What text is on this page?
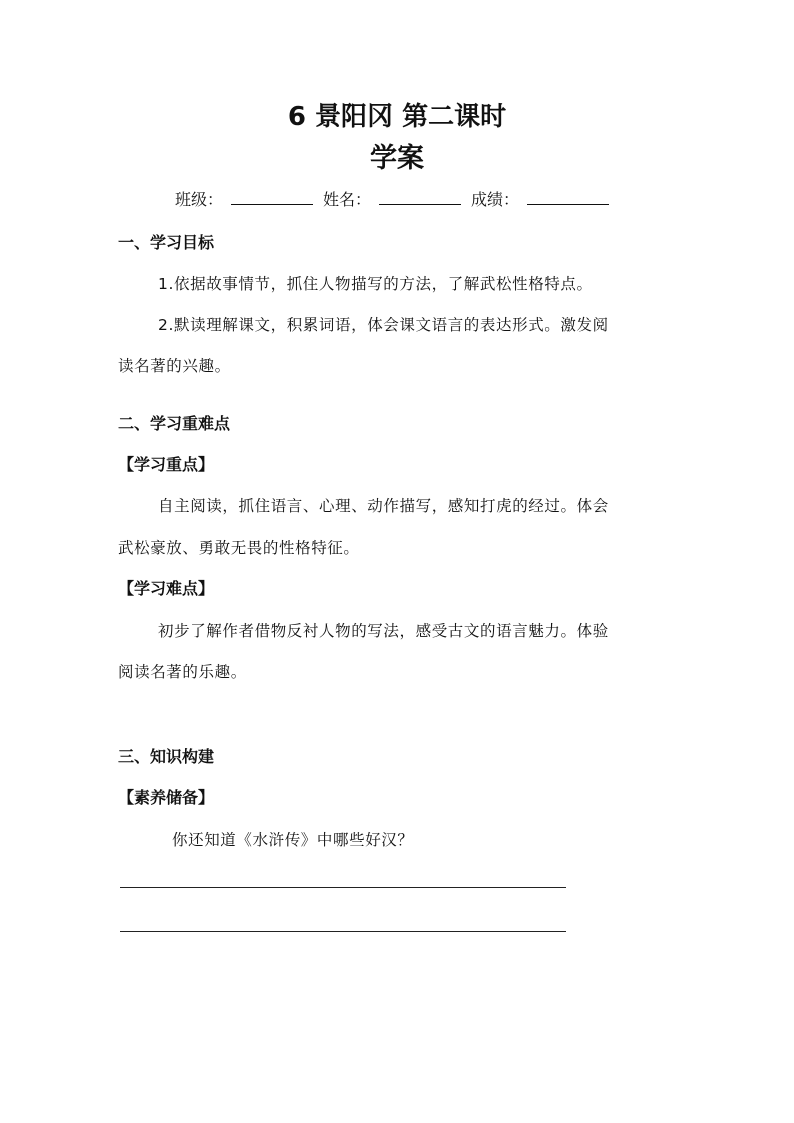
6 景阳冈 第二课时
学案
班级：	姓名：	成绩：
一、学习目标
1.依据故事情节，抓住人物描写的方法，了解武松性格特点。
2.默读理解课文，积累词语，体会课文语言的表达形式。激发阅
读名著的兴趣。
二、学习重难点
【学习重点】
自主阅读，抓住语言、心理、动作描写，感知打虎的经过。体会
武松豪放、勇敢无畏的性格特征。
【学习难点】
初步了解作者借物反衬人物的写法，感受古文的语言魅力。体验
阅读名著的乐趣。
三、知识构建
【素养储备】
你还知道《水浒传》中哪些好汉？
